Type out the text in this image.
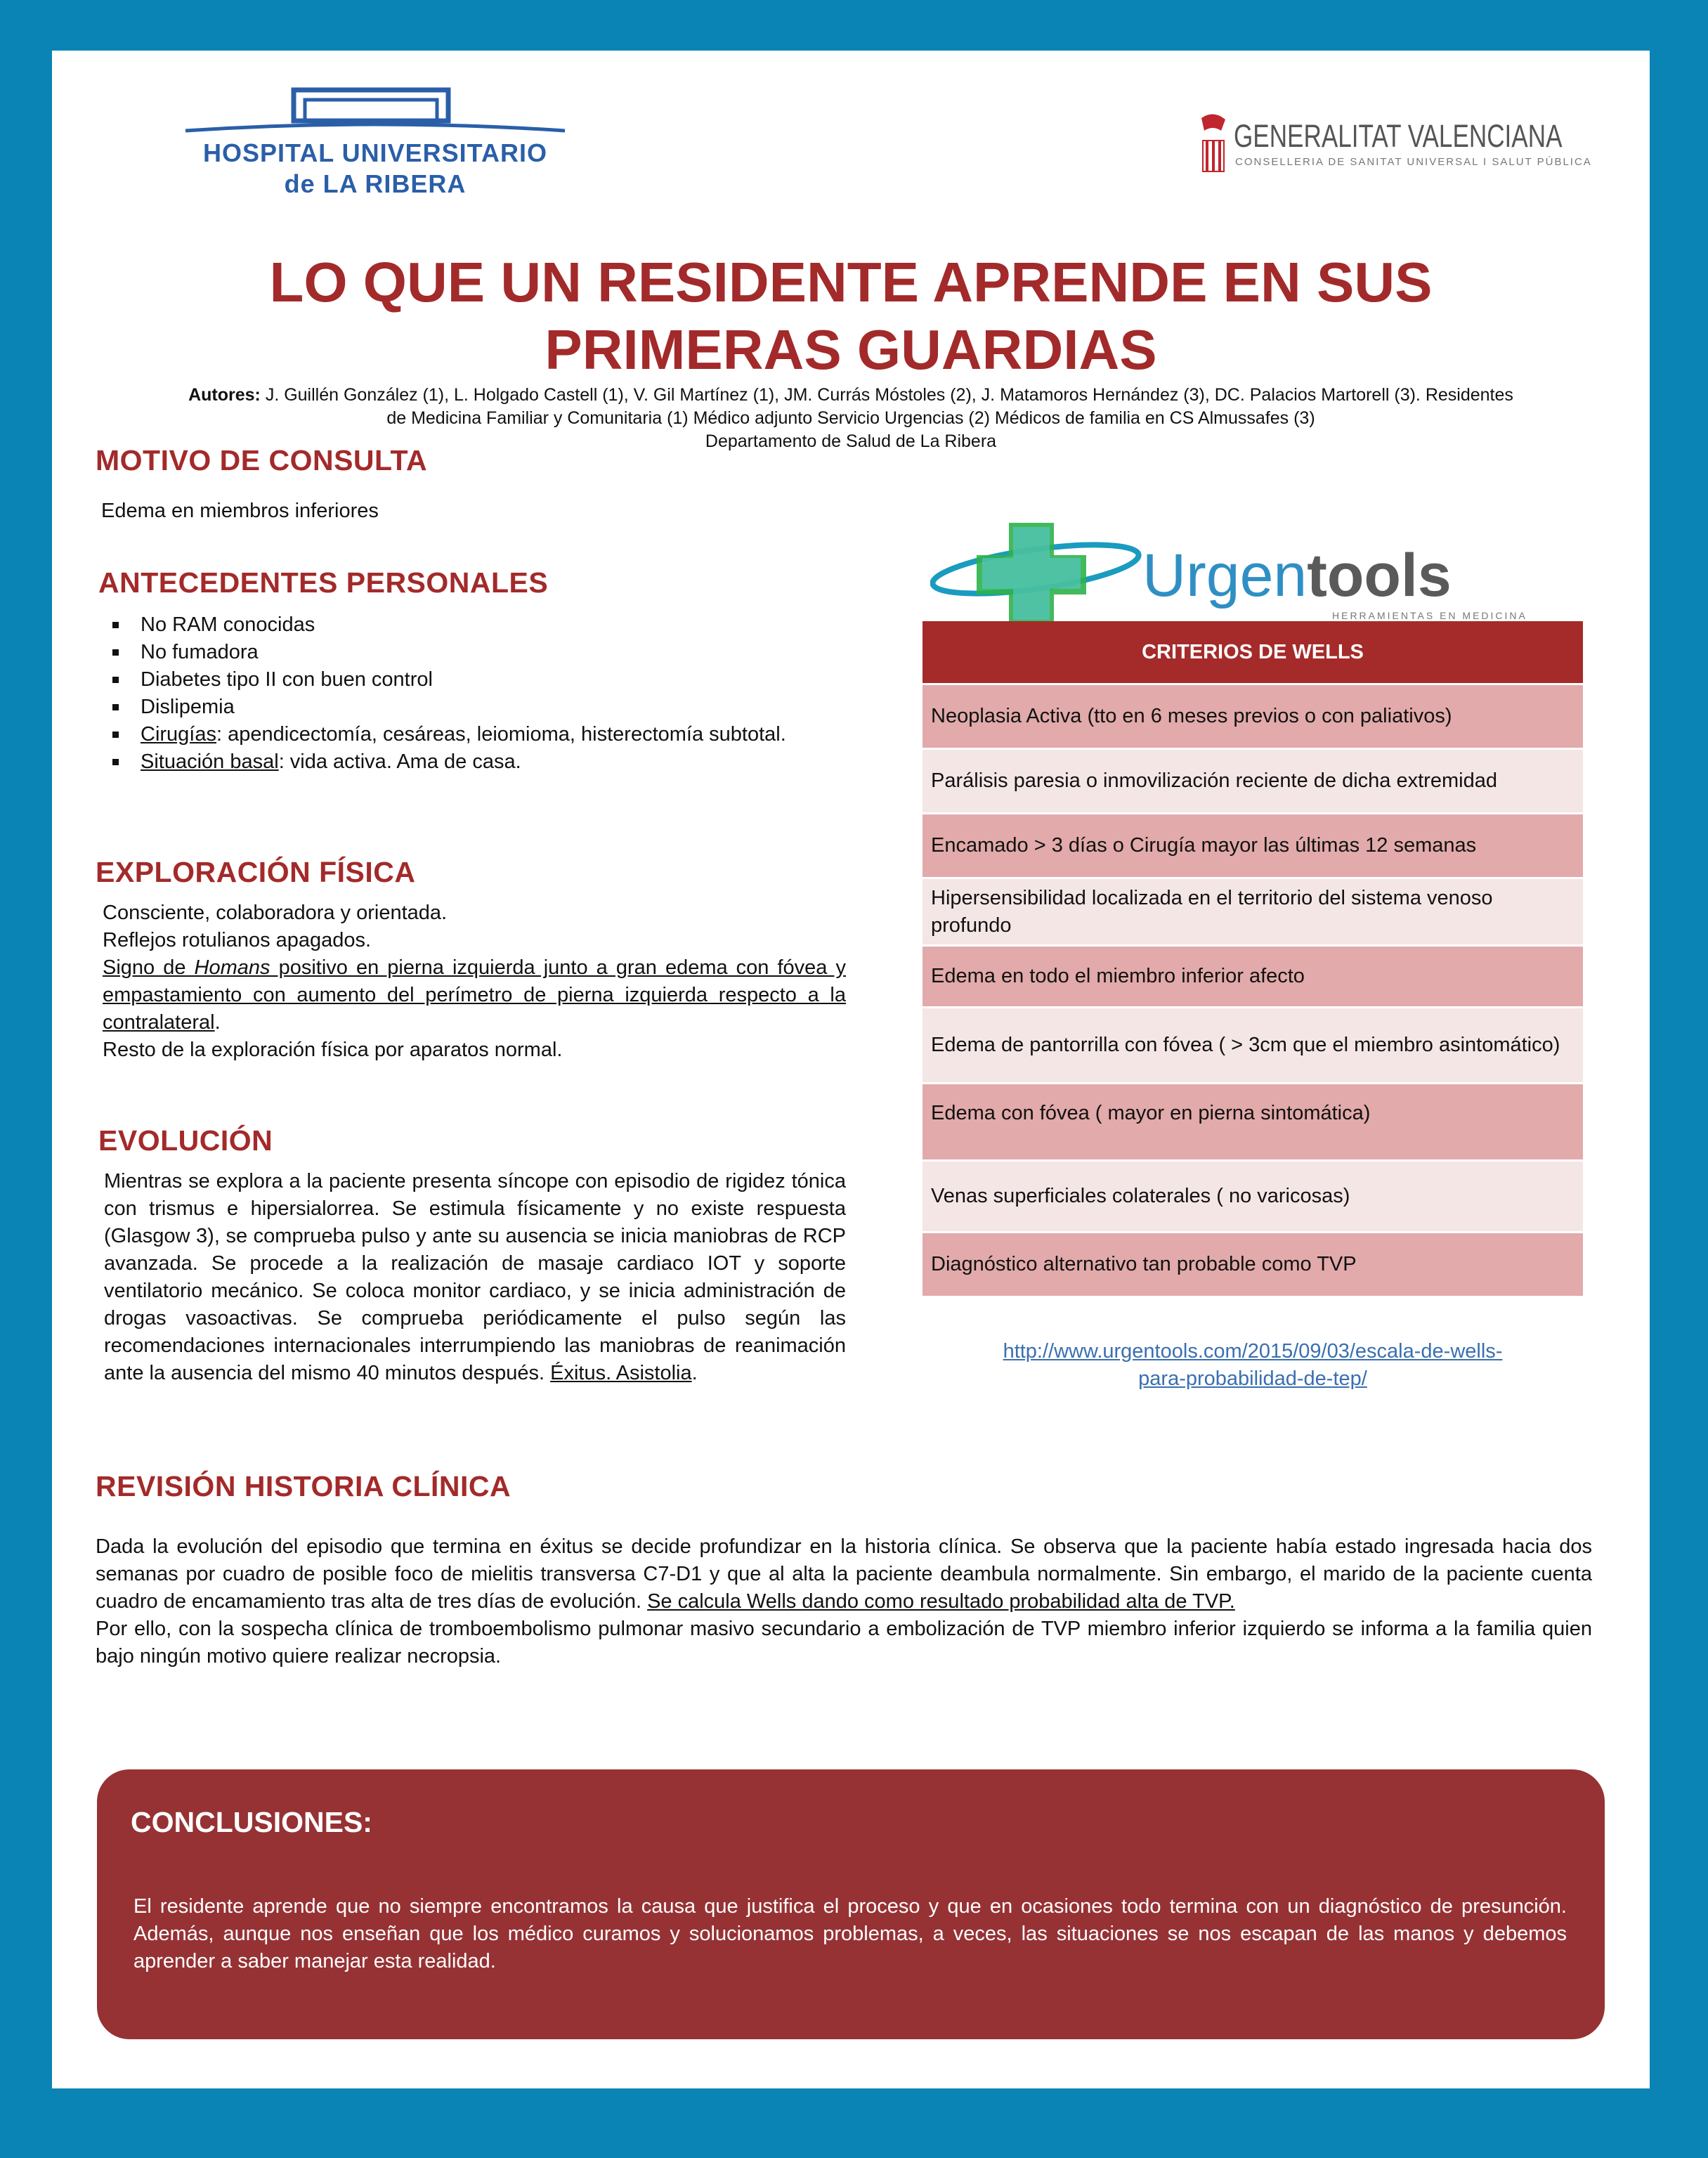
HOSPITAL UNIVERSITARIO
de LA RIBERA
GENERALITAT VALENCIANA
CONSELLERIA DE SANITAT UNIVERSAL I SALUT PÚBLICA
LO QUE UN RESIDENTE APRENDE EN SUS
PRIMERAS GUARDIAS
Autores: J. Guillén González (1), L. Holgado Castell (1), V. Gil Martínez (1), JM. Currás Móstoles (2), J. Matamoros Hernández (3), DC. Palacios Martorell (3). Residentes
de Medicina Familiar y Comunitaria (1) Médico adjunto Servicio Urgencias (2) Médicos de familia en CS Almussafes (3)
Departamento de Salud de La Ribera
MOTIVO DE CONSULTA
Edema en miembros inferiores
ANTECEDENTES PERSONALES
No RAM conocidas
No fumadora
Diabetes tipo II con buen control
Dislipemia
Cirugías: apendicectomía, cesáreas, leiomioma, histerectomía subtotal.
Situación basal: vida activa. Ama de casa.
EXPLORACIÓN FÍSICA
Consciente, colaboradora y orientada.
Reflejos rotulianos apagados.
Signo de Homans positivo en pierna izquierda junto a gran edema con fóvea y empastamiento con aumento del perímetro de pierna izquierda respecto a la contralateral.
Resto de la exploración física por aparatos normal.
EVOLUCIÓN
Mientras se explora a la paciente presenta síncope con episodio de rigidez tónica con trismus e hipersialorrea. Se estimula físicamente y no existe respuesta (Glasgow 3), se comprueba pulso y ante su ausencia se inicia maniobras de RCP avanzada. Se procede a la realización de masaje cardiaco IOT y soporte ventilatorio mecánico. Se coloca monitor cardiaco, y se inicia administración de drogas vasoactivas. Se comprueba periódicamente el pulso según las recomendaciones internacionales interrumpiendo las maniobras de reanimación ante la ausencia del mismo 40 minutos después. Éxitus. Asistolia.
Urgentools
HERRAMIENTAS EN MEDICINA
CRITERIOS DE WELLS
Neoplasia Activa (tto en 6 meses previos o con paliativos)
Parálisis paresia o inmovilización reciente de dicha extremidad
Encamado > 3 días o Cirugía mayor las últimas 12 semanas
Hipersensibilidad localizada en el territorio del sistema venoso profundo
Edema en todo el miembro inferior afecto
Edema de pantorrilla con fóvea ( > 3cm que el miembro asintomático)
Edema con fóvea ( mayor en pierna sintomática)
Venas superficiales colaterales ( no varicosas)
Diagnóstico alternativo tan probable como TVP
http://www.urgentools.com/2015/09/03/escala-de-wells-
para-probabilidad-de-tep/
REVISIÓN HISTORIA CLÍNICA
Dada la evolución del episodio que termina en éxitus se decide profundizar en la historia clínica. Se observa que la paciente había estado ingresada hacia dos semanas por cuadro de posible foco de mielitis transversa C7-D1 y que al alta la paciente deambula normalmente. Sin embargo, el marido de la paciente cuenta cuadro de encamamiento tras alta de tres días de evolución. Se calcula Wells dando como resultado probabilidad alta de TVP.
Por ello, con la sospecha clínica de tromboembolismo pulmonar masivo secundario a embolización de TVP miembro inferior izquierdo se informa a la familia quien bajo ningún motivo quiere realizar necropsia.
CONCLUSIONES:
El residente aprende que no siempre encontramos la causa que justifica el proceso y que en ocasiones todo termina con un diagnóstico de presunción. Además, aunque nos enseñan que los médico curamos y solucionamos problemas, a veces, las situaciones se nos escapan de las manos y debemos aprender a saber manejar esta realidad.
